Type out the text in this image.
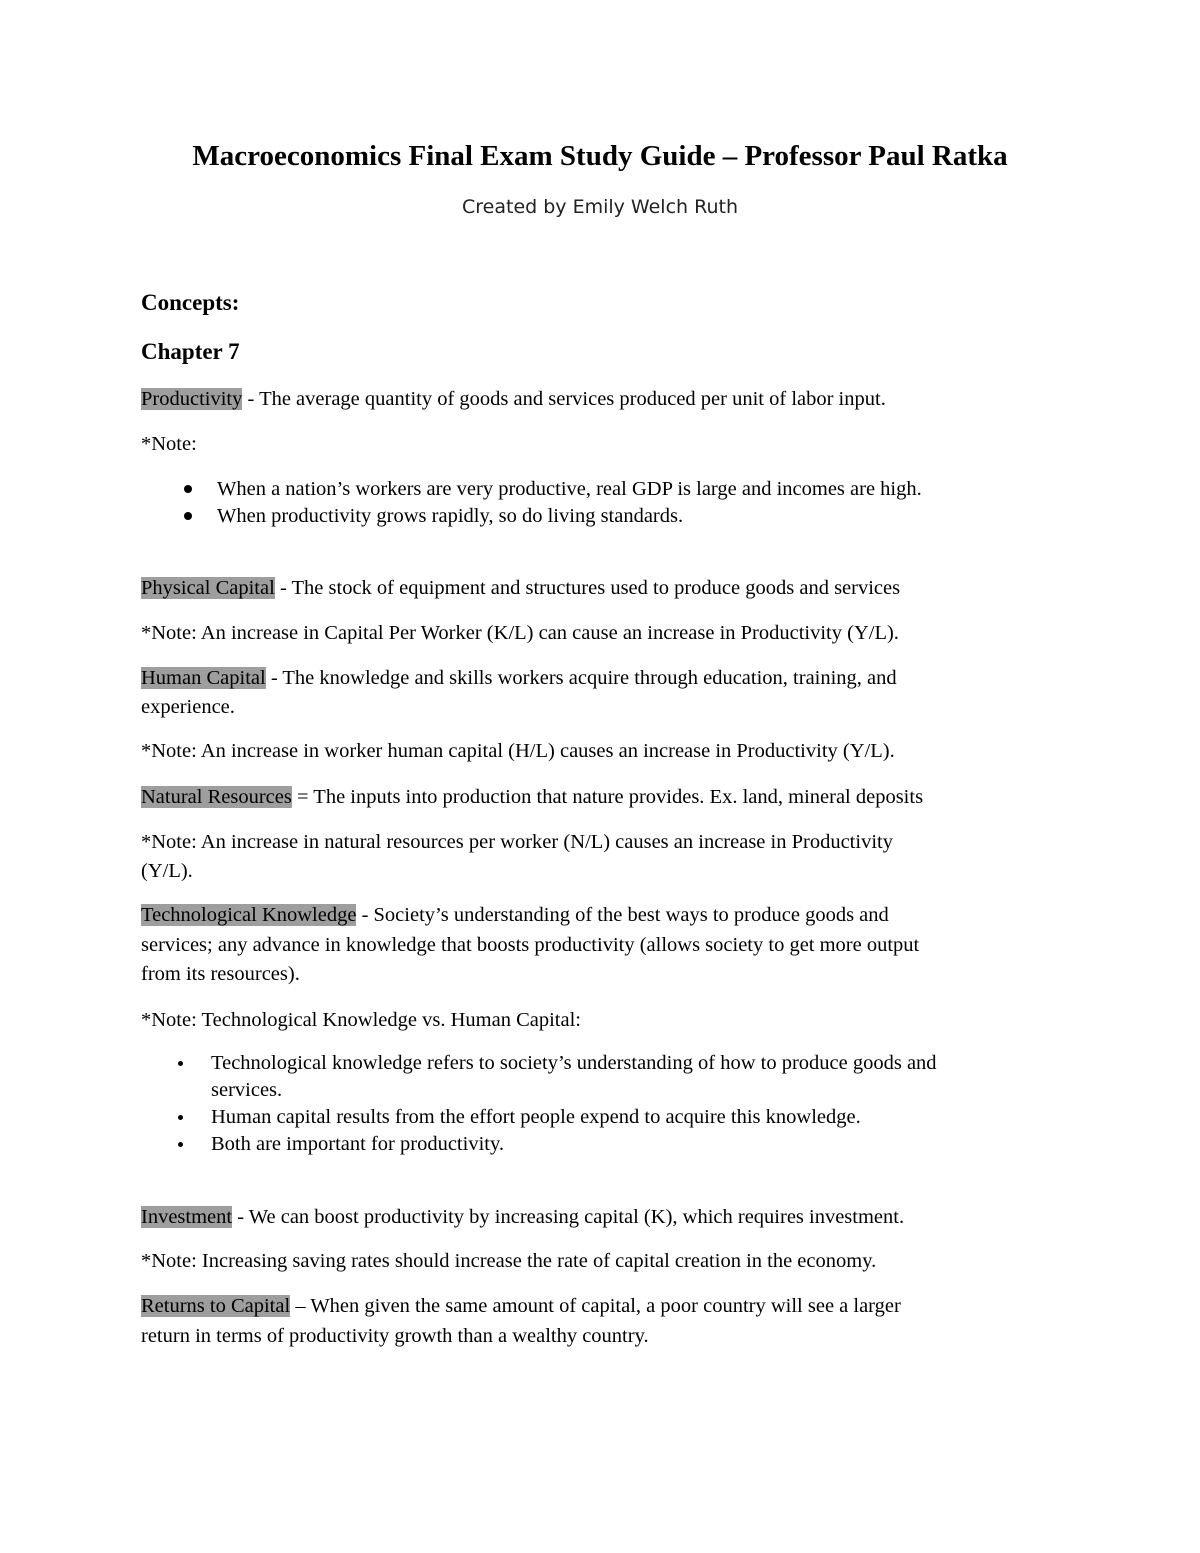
Macroeconomics Final Exam Study Guide – Professor Paul Ratka
Created by Emily Welch Ruth
Concepts:
Chapter 7
Productivity - The average quantity of goods and services produced per unit of labor input.
*Note:
When a nation’s workers are very productive, real GDP is large and incomes are high.
When productivity grows rapidly, so do living standards.
Physical Capital - The stock of equipment and structures used to produce goods and services
*Note: An increase in Capital Per Worker (K/L) can cause an increase in Productivity (Y/L).
Human Capital - The knowledge and skills workers acquire through education, training, and
experience.
*Note: An increase in worker human capital (H/L) causes an increase in Productivity (Y/L).
Natural Resources = The inputs into production that nature provides. Ex. land, mineral deposits
*Note: An increase in natural resources per worker (N/L) causes an increase in Productivity
(Y/L).
Technological Knowledge - Society’s understanding of the best ways to produce goods and
services; any advance in knowledge that boosts productivity (allows society to get more output
from its resources).
*Note: Technological Knowledge vs. Human Capital:
Technological knowledge refers to society’s understanding of how to produce goods and
services.
Human capital results from the effort people expend to acquire this knowledge.
Both are important for productivity.
Investment - We can boost productivity by increasing capital (K), which requires investment.
*Note: Increasing saving rates should increase the rate of capital creation in the economy.
Returns to Capital – When given the same amount of capital, a poor country will see a larger
return in terms of productivity growth than a wealthy country.
